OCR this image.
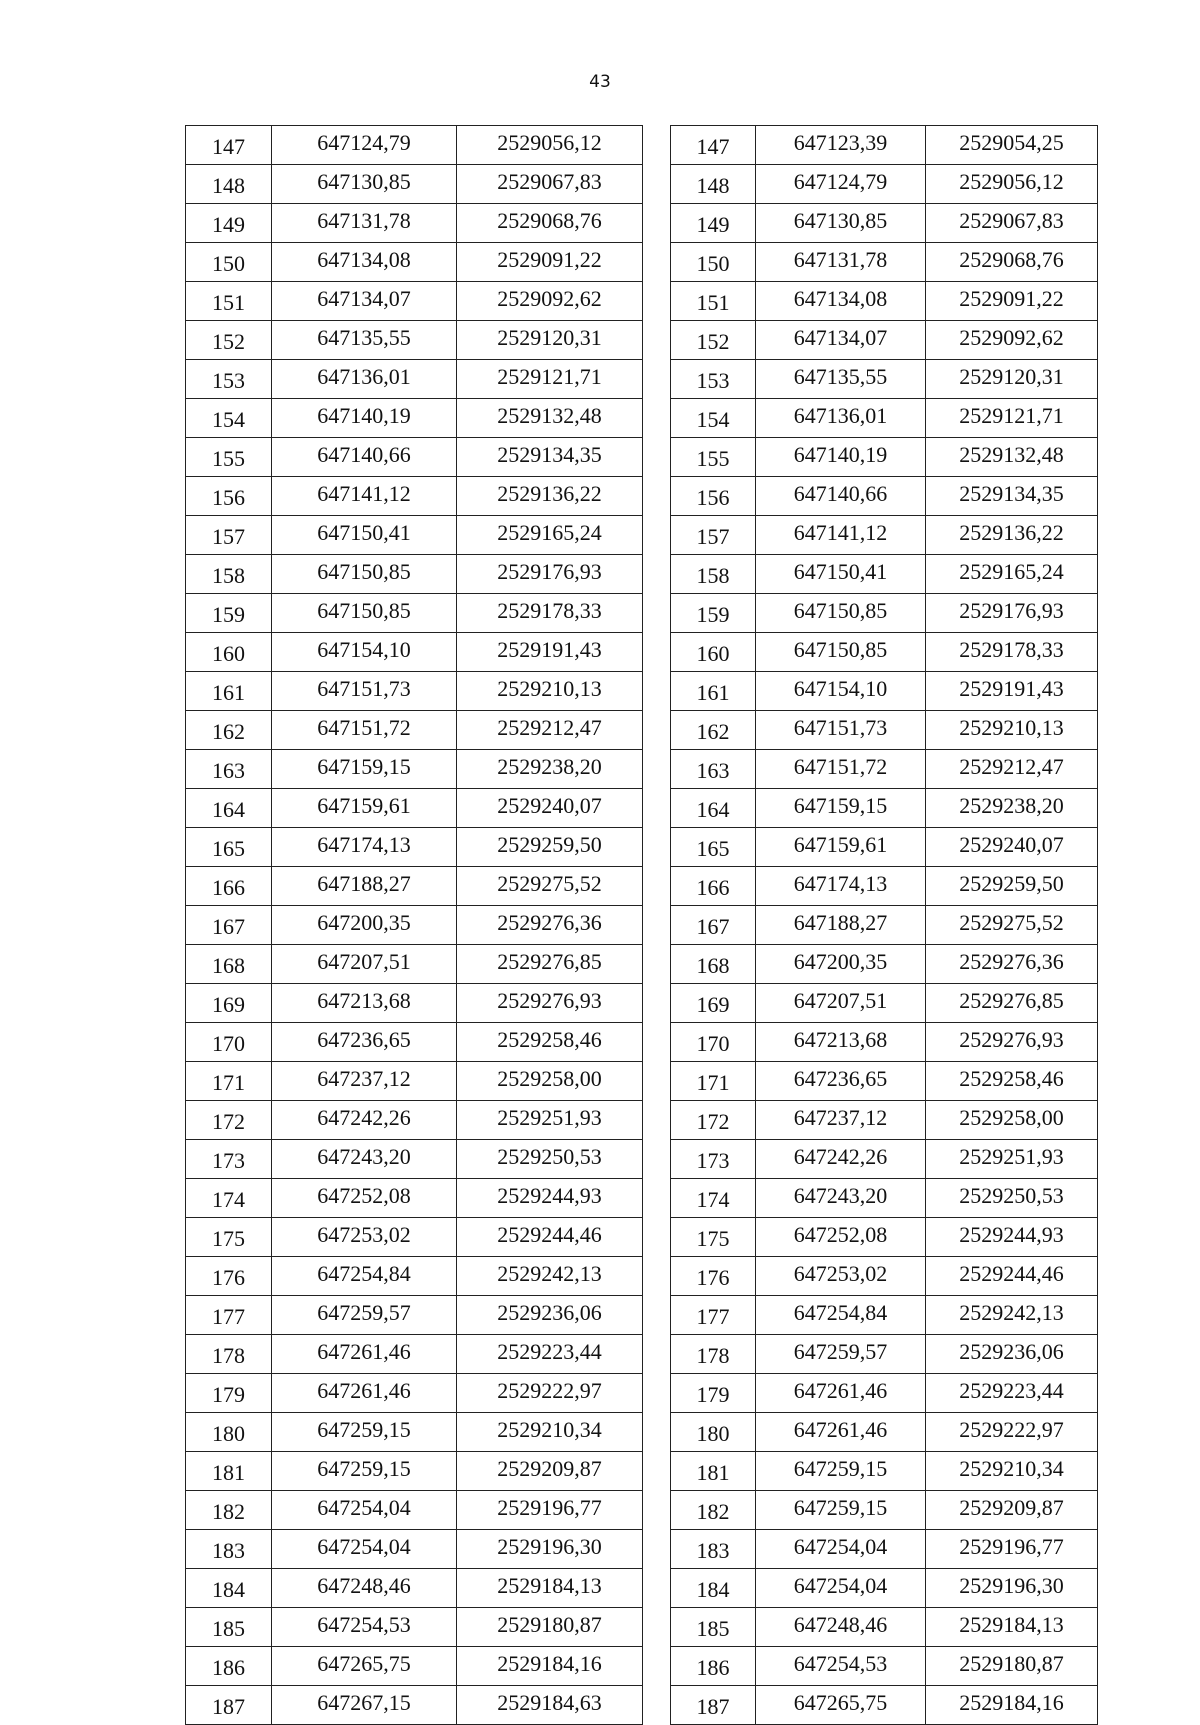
43
147	647124,79	2529056,12
148	647130,85	2529067,83
149	647131,78	2529068,76
150	647134,08	2529091,22
151	647134,07	2529092,62
152	647135,55	2529120,31
153	647136,01	2529121,71
154	647140,19	2529132,48
155	647140,66	2529134,35
156	647141,12	2529136,22
157	647150,41	2529165,24
158	647150,85	2529176,93
159	647150,85	2529178,33
160	647154,10	2529191,43
161	647151,73	2529210,13
162	647151,72	2529212,47
163	647159,15	2529238,20
164	647159,61	2529240,07
165	647174,13	2529259,50
166	647188,27	2529275,52
167	647200,35	2529276,36
168	647207,51	2529276,85
169	647213,68	2529276,93
170	647236,65	2529258,46
171	647237,12	2529258,00
172	647242,26	2529251,93
173	647243,20	2529250,53
174	647252,08	2529244,93
175	647253,02	2529244,46
176	647254,84	2529242,13
177	647259,57	2529236,06
178	647261,46	2529223,44
179	647261,46	2529222,97
180	647259,15	2529210,34
181	647259,15	2529209,87
182	647254,04	2529196,77
183	647254,04	2529196,30
184	647248,46	2529184,13
185	647254,53	2529180,87
186	647265,75	2529184,16
187	647267,15	2529184,63
147	647123,39	2529054,25
148	647124,79	2529056,12
149	647130,85	2529067,83
150	647131,78	2529068,76
151	647134,08	2529091,22
152	647134,07	2529092,62
153	647135,55	2529120,31
154	647136,01	2529121,71
155	647140,19	2529132,48
156	647140,66	2529134,35
157	647141,12	2529136,22
158	647150,41	2529165,24
159	647150,85	2529176,93
160	647150,85	2529178,33
161	647154,10	2529191,43
162	647151,73	2529210,13
163	647151,72	2529212,47
164	647159,15	2529238,20
165	647159,61	2529240,07
166	647174,13	2529259,50
167	647188,27	2529275,52
168	647200,35	2529276,36
169	647207,51	2529276,85
170	647213,68	2529276,93
171	647236,65	2529258,46
172	647237,12	2529258,00
173	647242,26	2529251,93
174	647243,20	2529250,53
175	647252,08	2529244,93
176	647253,02	2529244,46
177	647254,84	2529242,13
178	647259,57	2529236,06
179	647261,46	2529223,44
180	647261,46	2529222,97
181	647259,15	2529210,34
182	647259,15	2529209,87
183	647254,04	2529196,77
184	647254,04	2529196,30
185	647248,46	2529184,13
186	647254,53	2529180,87
187	647265,75	2529184,16
